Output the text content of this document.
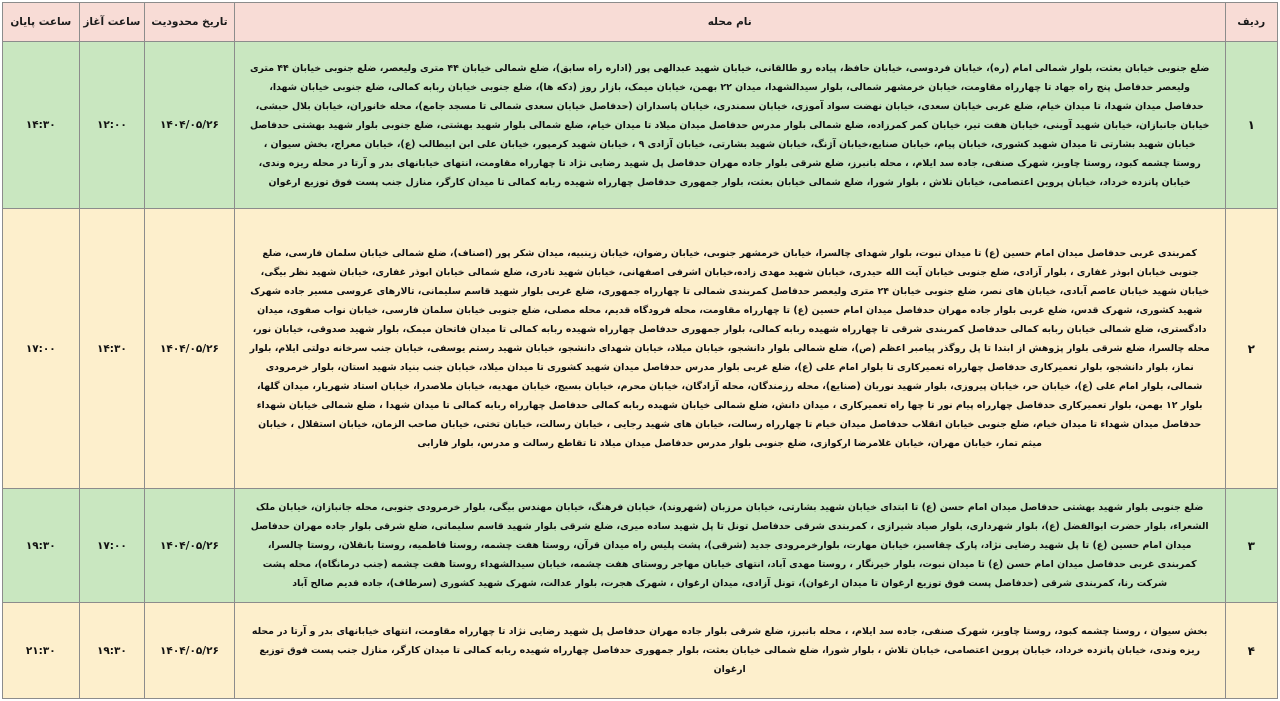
ردیف	نام محله	تاریخ محدودیت	ساعت آغاز	ساعت پایان
۱	ضلع جنوبی خیابان بعثت، بلوار شمالی امام (ره)، خیابان فردوسی، خیابان حافظ، پیاده رو طالقانی، خیابان شهید عبدالهی پور (اداره راه سابق)، ضلع شمالی خیابان ۴۴ متری ولیعصر، ضلع جنوبی خیابان ۴۴ متری ولیعصر حدفاصل پنج راه جهاد تا چهارراه مقاومت، خیابان خرمشهر شمالی، بلوار سیدالشهدا، میدان ۲۲ بهمن، خیابان میمک، بازار روز (دکه ها)، ضلع جنوبی خیابان ربابه کمالی، ضلع جنوبی خیابان شهدا، حدفاصل میدان شهدا، تا میدان خیام، ضلع غربی خیابان سعدی، خیابان نهضت سواد آموزی، خیابان سمندری، خیابان پاسداران (حدفاصل خیابان سعدی شمالی تا مسجد جامع)، محله خانوران، خیابان بلال حبشی، خیابان جانبازان، خیابان شهید آوینی، خیابان هفت تیر، خیابان کمر کمرزاده، ضلع شمالی بلوار مدرس حدفاصل میدان میلاد تا میدان خیام، ضلع شمالی بلوار شهید بهشتی، ضلع جنوبی بلوار شهید بهشتی حدفاصل خیابان شهید بشارتی تا میدان شهید کشوری، خیابان پیام، خیابان صنایع،خیابان آژنگ، خیابان شهید بشارتی، خیابان آزادی ۹ ، خیابان شهید کرمپور، خیابان علی ابن ابیطالب (ع)، خیابان معراج، بخش سیوان ، روستا چشمه کبود، روستا چاویز، شهرک صنفی، جاده سد ایلام، ، محله بانبرز، ضلع شرقی بلوار جاده مهران حدفاصل پل شهید رضایی نژاد تا چهارراه مقاومت، انتهای خیابانهای بدر و آرتا در محله ریزه وندی، خیابان پانزده خرداد، خیابان پروین اعتصامی، خیابان تلاش ، بلوار شورا، ضلع شمالی خیابان بعثت، بلوار جمهوری حدفاصل چهارراه شهیده ربابه کمالی تا میدان کارگر، منازل جنب پست فوق توزیع ارغوان	۱۴۰۴/۰۵/۲۶	۱۲:۰۰	۱۴:۳۰
۲	کمربندی غربی حدفاصل میدان امام حسین (ع) تا میدان نبوت، بلوار شهدای چالسرا، خیابان خرمشهر جنوبی، خیابان رضوان، خیابان زینبیه، میدان شکر پور (اصناف)، ضلع شمالی خیابان سلمان فارسی، ضلع جنوبی خیابان ابوذر غفاری ، بلوار آزادی، ضلع جنوبی خیابان آیت الله حیدری، خیابان شهید مهدی زاده،خیابان اشرفی اصفهانی، خیابان شهید نادری، ضلع شمالی خیابان ابوذر غفاری، خیابان شهید نظر بیگی، خیابان شهید خیابان عاصم آبادی، خیابان های نصر، ضلع جنوبی خیابان ۲۴ متری ولیعصر حدفاصل کمربندی شمالی تا چهارراه جمهوری، ضلع غربی بلوار شهید قاسم سلیمانی، تالارهای عروسی مسیر جاده شهرک شهید کشوری، شهرک قدس، ضلع غربی بلوار جاده مهران حدفاصل میدان امام حسین (ع) تا چهارراه مقاومت، محله فرودگاه قدیم، محله مصلی، ضلع جنوبی خیابان سلمان فارسی، خیابان نواب صفوی، میدان دادگستری، ضلع شمالی خیابان ربابه کمالی حدفاصل کمربندی شرقی تا چهارراه شهیده ربابه کمالی، بلوار جمهوری حدفاصل چهارراه شهیده ربابه کمالی تا میدان فاتحان میمک، بلوار شهید صدوقی، خیابان نور، محله چالسرا، ضلع شرقی بلوار پژوهش از ابتدا تا پل روگذر پیامبر اعظم (ص)، ضلع شمالی بلوار دانشجو، خیابان میلاد، خیابان شهدای دانشجو، خیابان شهید رستم یوسفی، خیابان جنب سرخانه دولتی ایلام، بلوار نماز، بلوار دانشجو، بلوار تعمیرکاری حدفاصل چهارراه تعمیرکاری تا بلوار امام علی (ع)، ضلع غربی بلوار مدرس حدفاصل میدان شهید کشوری تا میدان میلاد، خیابان جنب بنیاد شهید استان، بلوار خرمرودی شمالی، بلوار امام علی (ع)، خیابان حر، خیابان پیروزی، بلوار شهید نوریان (صنایع)، محله رزمندگان، محله آزادگان، خیابان محرم، خیابان بسیج، خیابان مهدیه، خیابان ملاصدرا، خیابان استاد شهریار، میدان گلها، بلوار ۱۲ بهمن، بلوار تعمیرکاری حدفاصل چهارراه پیام نور تا چها راه تعمیرکاری ، میدان دانش، ضلع شمالی خیابان شهیده ربابه کمالی حدفاصل چهارراه ربابه کمالی تا میدان شهدا ، ضلع شمالی خیابان شهداء حدفاصل میدان شهداء تا میدان خیام، ضلع جنوبی خیابان انقلاب حدفاصل میدان خیام تا چهارراه رسالت، خیابان های شهید رجایی ، خیابان رسالت، خیابان تختی، خیابان صاحب الزمان، خیابان استقلال ، خیابان میثم تمار، خیابان مهران، خیابان غلامرضا ارکوازی، ضلع جنوبی بلوار مدرس حدفاصل میدان میلاد تا تقاطع رسالت و مدرس، بلوار فارابی	۱۴۰۴/۰۵/۲۶	۱۴:۳۰	۱۷:۰۰
۳	ضلع جنوبی بلوار شهید بهشتی حدفاصل میدان امام حسن (ع) تا ابتدای خیابان شهید بشارتی، خیابان مرزبان (شهروند)، خیابان فرهنگ، خیابان مهندس بیگی، بلوار خرمرودی جنوبی، محله جانبازان، خیابان ملک الشعراء، بلوار حضرت ابوالفضل (ع)، بلوار شهرداری، بلوار صیاد شیرازی ، کمربندی شرقی حدفاصل تونل تا پل شهید ساده میری، ضلع شرقی بلوار شهید قاسم سلیمانی، ضلع شرقی بلوار جاده مهران حدفاصل میدان امام حسین (ع) تا پل شهید رضایی نژاد، پارک چقاسبز، خیابان مهارت، بلوارخرمرودی جدید (شرقی)، پشت پلیس راه میدان قرآن، روستا هفت چشمه، روستا فاطمیه، روستا بانقلان، روستا چالسرا، کمربندی غربی حدفاصل میدان امام حسن (ع) تا میدان نبوت، بلوار خیرنگار ، روستا مهدی آباد، انتهای خیابان مهاجر روستای هفت چشمه، خیابان سیدالشهداء روستا هفت چشمه (جنب درمانگاه)، محله پشت شرکت رنا، کمربندی شرقی (حدفاصل پست فوق توزیع ارغوان تا میدان ارغوان)، تونل آزادی، میدان ارغوان ، شهرک هجرت، بلوار عدالت، شهرک شهید کشوری (سرطاف)، جاده قدیم صالح آباد	۱۴۰۴/۰۵/۲۶	۱۷:۰۰	۱۹:۳۰
۴	بخش سیوان ، روستا چشمه کبود، روستا چاویز، شهرک صنفی، جاده سد ایلام، ، محله بانبرز، ضلع شرقی بلوار جاده مهران حدفاصل پل شهید رضایی نژاد تا چهارراه مقاومت، انتهای خیابانهای بدر و آرتا در محله ریزه وندی، خیابان پانزده خرداد، خیابان پروین اعتصامی، خیابان تلاش ، بلوار شورا، ضلع شمالی خیابان بعثت، بلوار جمهوری حدفاصل چهارراه شهیده ربابه کمالی تا میدان کارگر، منازل جنب پست فوق توزیع ارغوان	۱۴۰۴/۰۵/۲۶	۱۹:۳۰	۲۱:۳۰
